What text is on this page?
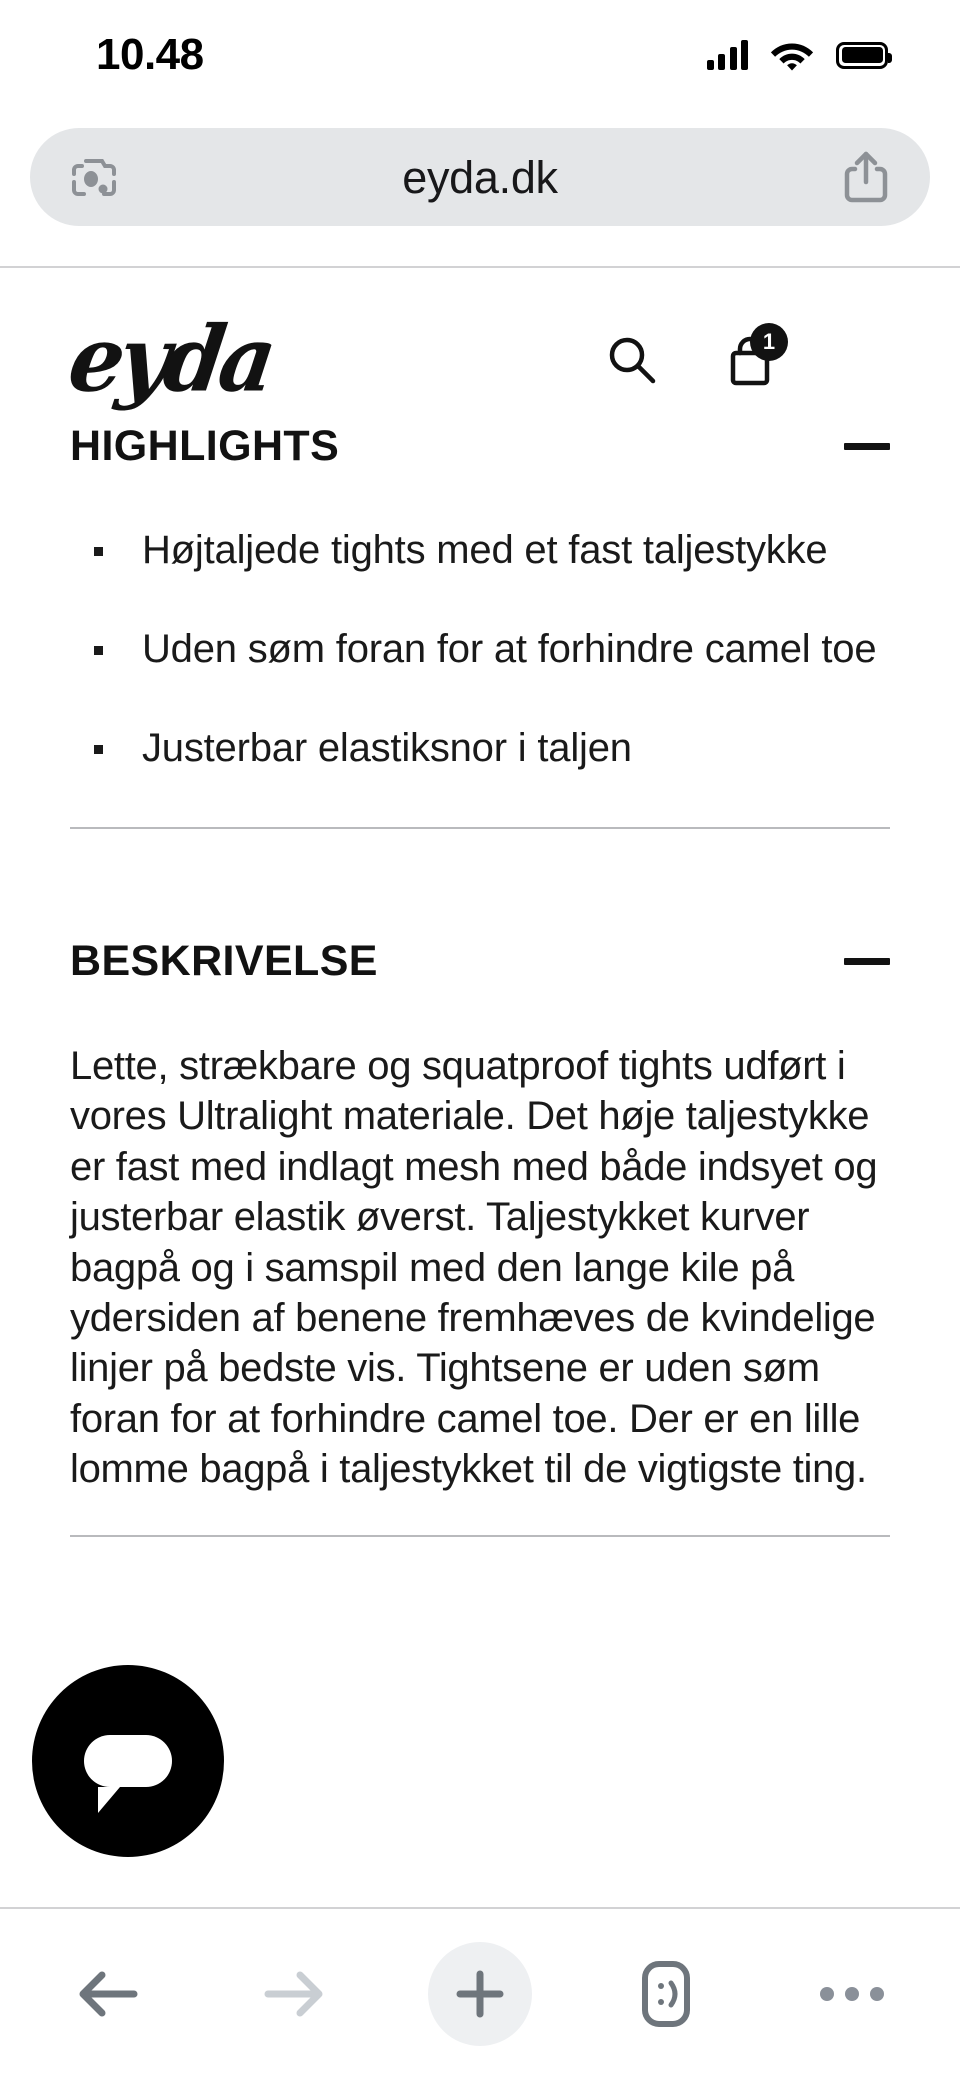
10.48
eyda.dk
eyda	1
HIGHLIGHTS
Højtaljede tights med et fast taljestykke
Uden søm foran for at forhindre camel toe
Justerbar elastiksnor i taljen
BESKRIVELSE

Lette, strækbare og squatproof tights udført i vores Ultralight materiale. Det høje taljestykke er fast med indlagt mesh med både indsyet og justerbar elastik øverst. Taljestykket kurver bagpå og i samspil med den lange kile på ydersiden af benene fremhæves de kvindelige linjer på bedste vis. Tightsene er uden søm foran for at forhindre camel toe. Der er en lille lomme bagpå i taljestykket til de vigtigste ting.
